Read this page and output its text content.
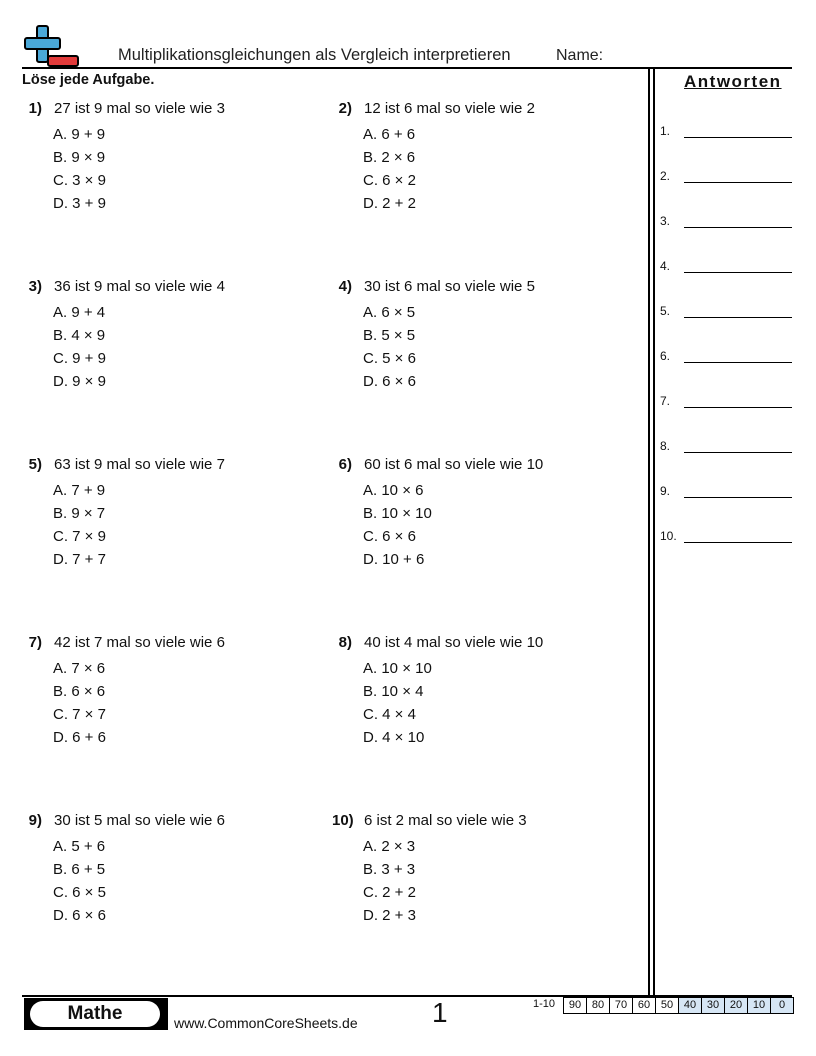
Multiplikationsgleichungen als Vergleich interpretieren	Name:
Löse jede Aufgabe.	Antworten
1.
2.
3.
4.
5.
6.
7.
8.
9.
10.
1) 27 ist 9 mal so viele wie 3
A. 9 + 9
B. 9 × 9
C. 3 × 9
D. 3 + 9
2) 12 ist 6 mal so viele wie 2
A. 6 + 6
B. 2 × 6
C. 6 × 2
D. 2 + 2
3) 36 ist 9 mal so viele wie 4
A. 9 + 4
B. 4 × 9
C. 9 + 9
D. 9 × 9
4) 30 ist 6 mal so viele wie 5
A. 6 × 5
B. 5 × 5
C. 5 × 6
D. 6 × 6
5) 63 ist 9 mal so viele wie 7
A. 7 + 9
B. 9 × 7
C. 7 × 9
D. 7 + 7
6) 60 ist 6 mal so viele wie 10
A. 10 × 6
B. 10 × 10
C. 6 × 6
D. 10 + 6
7) 42 ist 7 mal so viele wie 6
A. 7 × 6
B. 6 × 6
C. 7 × 7
D. 6 + 6
8) 40 ist 4 mal so viele wie 10
A. 10 × 10
B. 10 × 4
C. 4 × 4
D. 4 × 10
9) 30 ist 5 mal so viele wie 6
A. 5 + 6
B. 6 + 5
C. 6 × 5
D. 6 × 6
10) 6 ist 2 mal so viele wie 3
A. 2 × 3
B. 3 + 3
C. 2 + 2
D. 2 + 3
Mathe	www.CommonCoreSheets.de	1	1-10	90 80 70 60 50 40 30 20 10	0
